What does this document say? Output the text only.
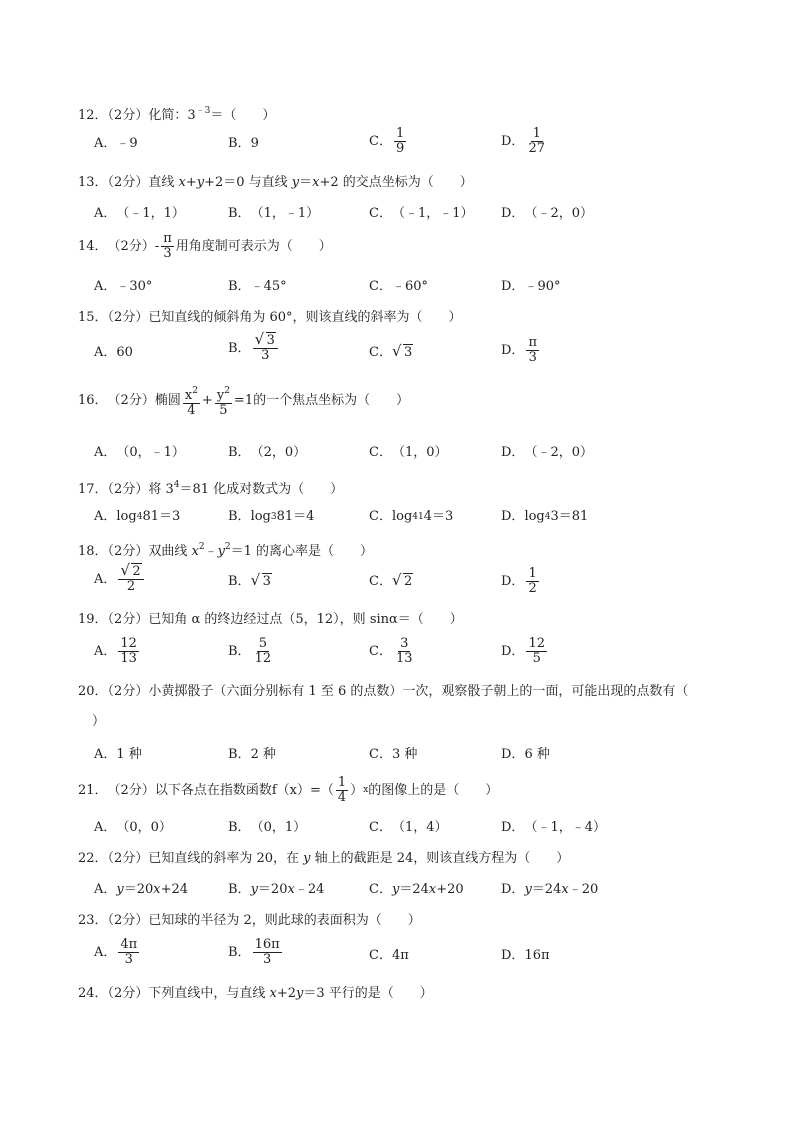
12．（2分）化简：$3^{﹣3}=$（　　）
A． ﹣9	B． 9	C． $\frac{1}{9}$	D． $\frac{1}{27}$
13．（2分）直线 x+y+2＝0 与直线 y＝x+2 的交点坐标为（　　）
A． （﹣1，1）	B． （1，﹣1）	C． （﹣1，﹣1） D． （﹣2，0）
14． （2分） - $\frac{\pi}{3}$ 用角度制可表示为（　　）
A． ﹣30°	B． ﹣45°	C． ﹣60°	D． ﹣90°
15．（2分）已知直线的倾斜角为 60°，则该直线的斜率为（　　）
A． 60	B． √ $\frac{3}{3}$	C． √ 3	D． $\frac{\pi}{3}$
16． （2分） 椭圆 $\frac{x^2}{4} + \frac{y^2}{5} =1$的一个焦点坐标为（　　）
A． （0，﹣1）	B． （2，0）	C． （1，0）	D． （﹣2，0）
17．（2分）将 $3^4=81$ 化成对数式为（　　）
A． log 4 81＝3	B． log 3 81＝4	C． log 41 4＝3	D． log 4 3＝81
18．（2分）双曲线 $x^2﹣y^2=1$ 的离心率是（　　）
A． √ $\frac{2}{2}$	B． √ 3	C． √ 2	D． $\frac{1}{2}$
19．（2分）已知角 α 的终边经过点（5，12），则 sinα＝（　　）
A． $\frac{12}{13}$	B． $\frac{5}{12}$	C． $\frac{3}{13}$	D． $\frac{12}{5}$
20．（2分）小黄掷骰子（六面分别标有 1 至 6 的点数）一次，观察骰子朝上的一面，可能出现的点数有（
）
A． 1 种	B． 2 种	C． 3 种	D． 6 种
21． （2分） 以下各点在指数函数 $f(x)=( \frac{1}{4}$ ） x 的图像上的是（　　）
A． （0，0）	B． （0，1）	C． （1，4）	D． （﹣1，﹣4）
22．（2分）已知直线的斜率为 20，在 y 轴上的截距是 24，则该直线方程为（　　）
A． y ＝20 x +24	B． y ＝20 x ﹣24	C． y ＝24 x +20	D． y ＝24 x ﹣20
23．（2分）已知球的半径为 2，则此球的表面积为（　　）
A． $\frac{4\pi}{3}$	B． $\frac{16\pi}{3}$	C． 4π	D． 16π
24．（2分）下列直线中，与直线 x+2y＝3 平行的是（　　）
